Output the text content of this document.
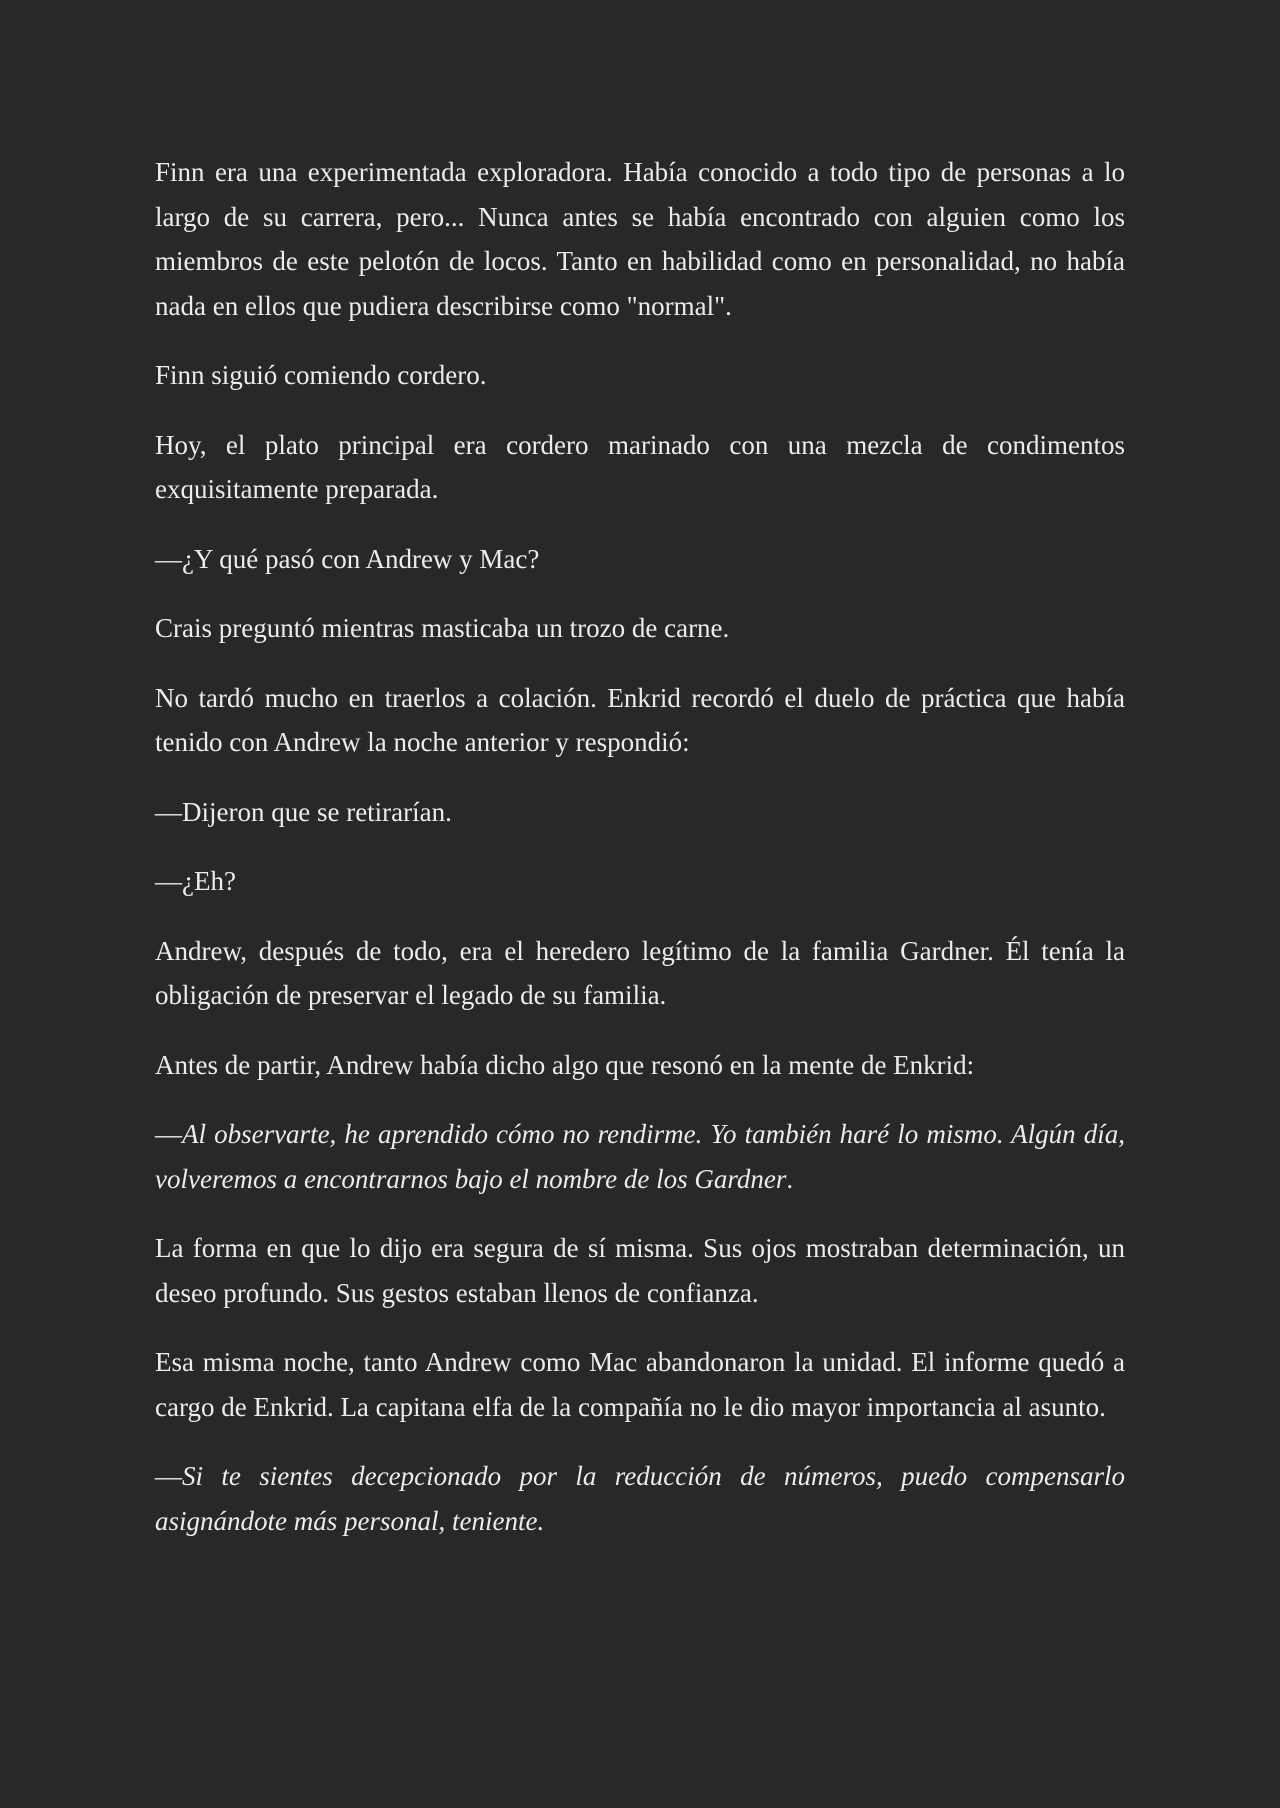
Finn era una experimentada exploradora. Había conocido a todo tipo de personas a lo largo de su carrera, pero... Nunca antes se había encontrado con alguien como los miembros de este pelotón de locos. Tanto en habilidad como en personalidad, no había nada en ellos que pudiera describirse como "normal".

Finn siguió comiendo cordero.

Hoy, el plato principal era cordero marinado con una mezcla de condimentos exquisitamente preparada.

—¿Y qué pasó con Andrew y Mac?

Crais preguntó mientras masticaba un trozo de carne.

No tardó mucho en traerlos a colación. Enkrid recordó el duelo de práctica que había tenido con Andrew la noche anterior y respondió:

—Dijeron que se retirarían.

—¿Eh?

Andrew, después de todo, era el heredero legítimo de la familia Gardner. Él tenía la obligación de preservar el legado de su familia.

Antes de partir, Andrew había dicho algo que resonó en la mente de Enkrid:

—Al observarte, he aprendido cómo no rendirme. Yo también haré lo mismo. Algún día, volveremos a encontrarnos bajo el nombre de los Gardner.

La forma en que lo dijo era segura de sí misma. Sus ojos mostraban determinación, un deseo profundo. Sus gestos estaban llenos de confianza.

Esa misma noche, tanto Andrew como Mac abandonaron la unidad. El informe quedó a cargo de Enkrid. La capitana elfa de la compañía no le dio mayor importancia al asunto.

—Si te sientes decepcionado por la reducción de números, puedo compensarlo asignándote más personal, teniente.
